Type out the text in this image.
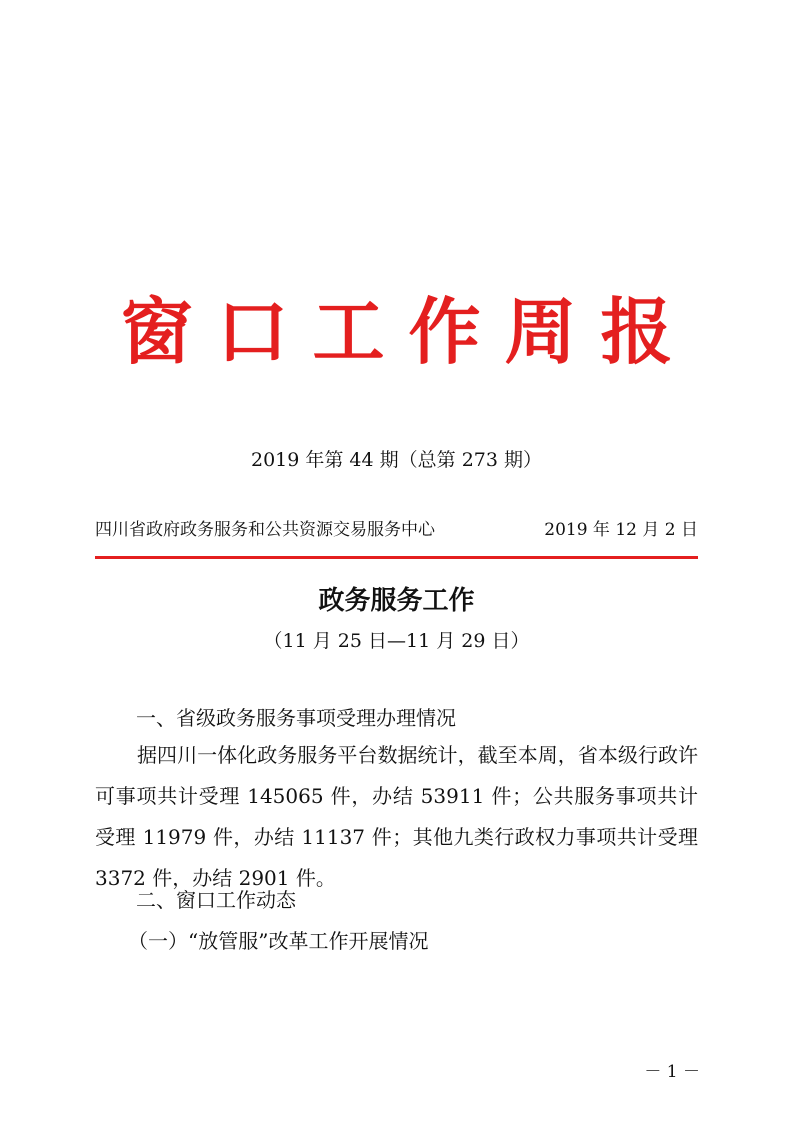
窗口工作周报
2019 年第 44 期（总第 273 期）
四川省政府政务服务和公共资源交易服务中心	2019 年 12 月 2 日
政务服务工作
（11 月 25 日—11 月 29 日）
一、省级政务服务事项受理办理情况
据四川一体化政务服务平台数据统计，截至本周，省本级行政许可事项共计受理 145065 件，办结 53911 件；公共服务事项共计受理 11979 件，办结 11137 件；其他九类行政权力事项共计受理 3372 件，办结 2901 件。
二、窗口工作动态
（一）“放管服”改革工作开展情况
－ 1 －
